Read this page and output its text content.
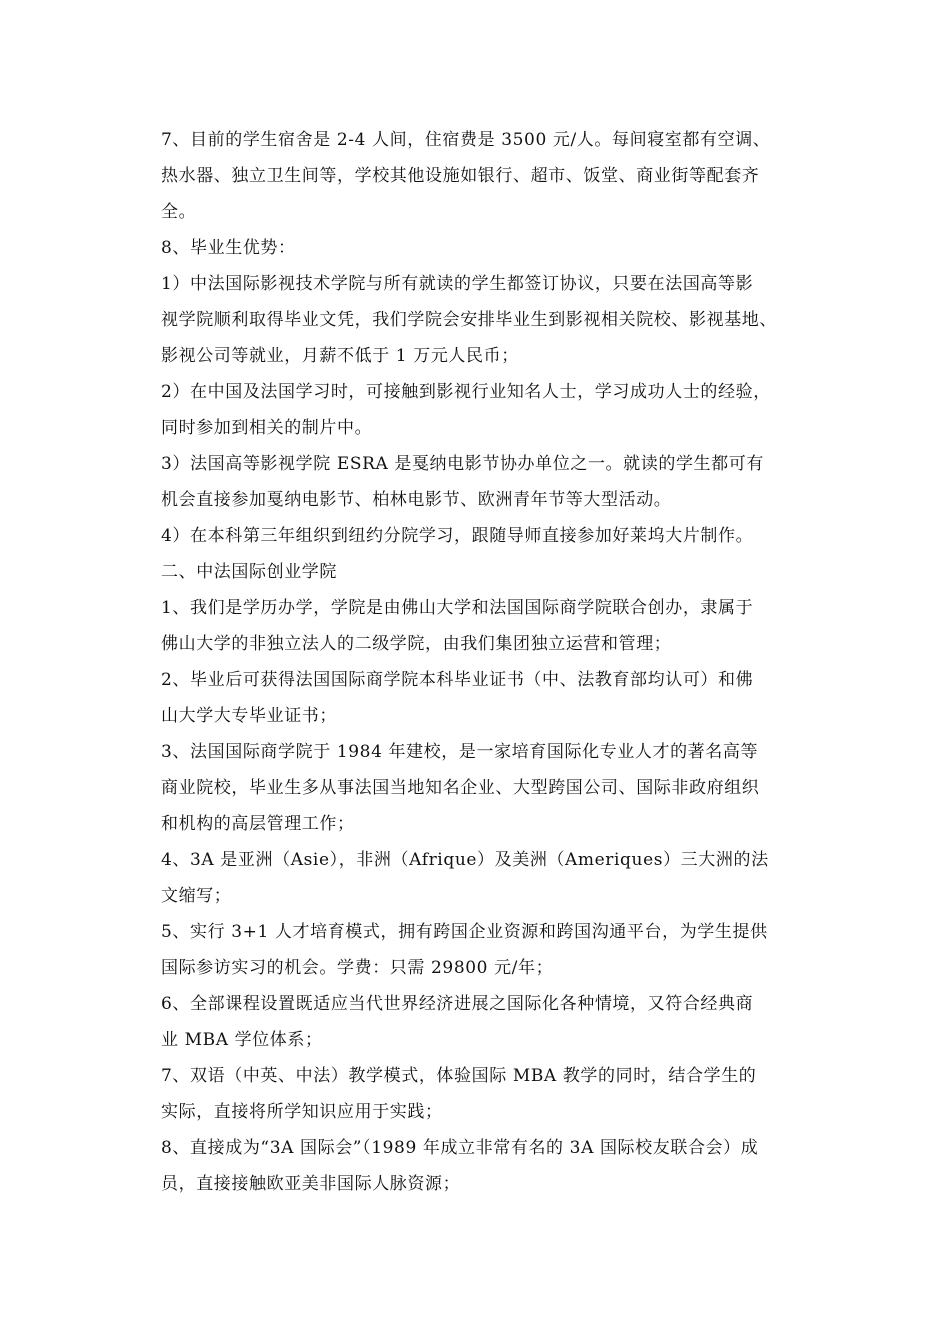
7、目前的学生宿舍是 2-4 人间，住宿费是 3500 元/人。每间寝室都有空调、
热水器、独立卫生间等，学校其他设施如银行、超市、饭堂、商业街等配套齐
全。

8、毕业生优势：

1）中法国际影视技术学院与所有就读的学生都签订协议，只要在法国高等影
视学院顺利取得毕业文凭，我们学院会安排毕业生到影视相关院校、影视基地、
影视公司等就业，月薪不低于 1 万元人民币；

2）在中国及法国学习时，可接触到影视行业知名人士，学习成功人士的经验，
同时参加到相关的制片中。

3）法国高等影视学院 ESRA 是戛纳电影节协办单位之一。就读的学生都可有
机会直接参加戛纳电影节、柏林电影节、欧洲青年节等大型活动。

4）在本科第三年组织到纽约分院学习，跟随导师直接参加好莱坞大片制作。

二、中法国际创业学院

1、我们是学历办学，学院是由佛山大学和法国国际商学院联合创办，隶属于
佛山大学的非独立法人的二级学院，由我们集团独立运营和管理；

2、毕业后可获得法国国际商学院本科毕业证书（中、法教育部均认可）和佛
山大学大专毕业证书；

3、法国国际商学院于 1984 年建校，是一家培育国际化专业人才的著名高等
商业院校，毕业生多从事法国当地知名企业、大型跨国公司、国际非政府组织
和机构的高层管理工作；

4、3A 是亚洲（Asie），非洲（Afrique）及美洲（Ameriques）三大洲的法
文缩写；

5、实行 3+1 人才培育模式，拥有跨国企业资源和跨国沟通平台，为学生提供
国际参访实习的机会。学费：只需 29800 元/年；

6、全部课程设置既适应当代世界经济进展之国际化各种情境，又符合经典商
业 MBA 学位体系；

7、双语（中英、中法）教学模式，体验国际 MBA 教学的同时，结合学生的
实际，直接将所学知识应用于实践；

8、直接成为“3A 国际会”（1989 年成立非常有名的 3A 国际校友联合会）成
员，直接接触欧亚美非国际人脉资源；
